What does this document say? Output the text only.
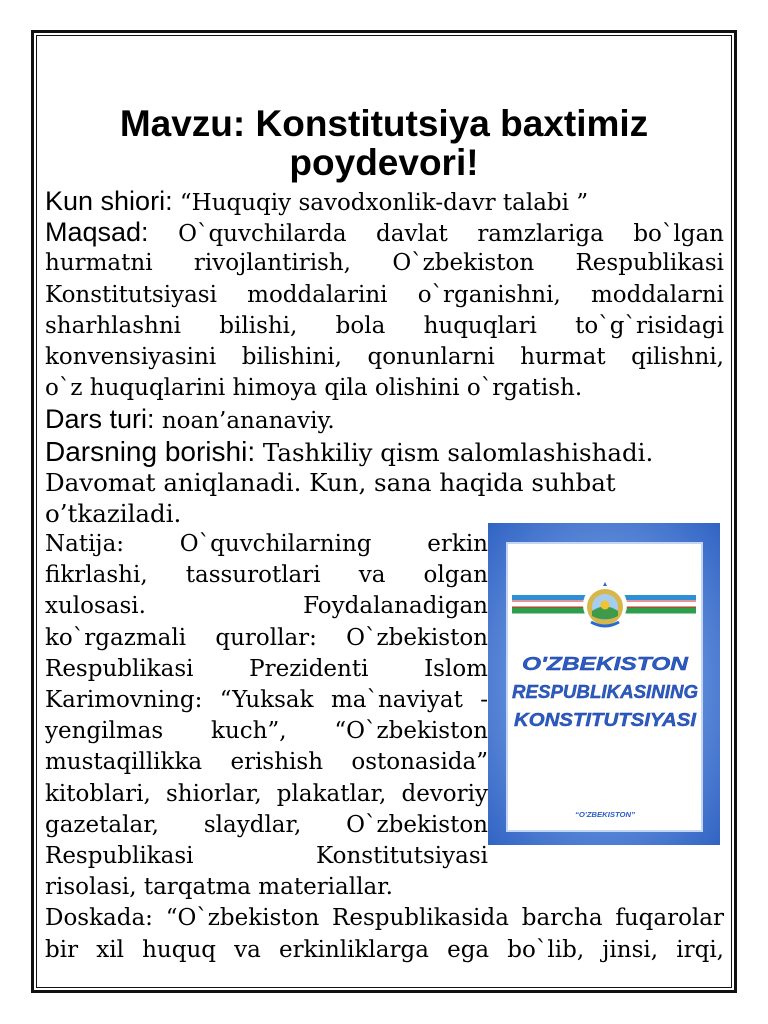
Mavzu: Konstitutsiya baxtimiz
poydevori!
Kun shiori: “Huquqiy savodxonlik-davr talabi ”
Maqsad: O`quvchilarda davlat ramzlariga bo`lgan
hurmatni rivojlantirish, O`zbekiston Respublikasi
Konstitutsiyasi moddalarini o`rganishni, moddalarni
sharhlashni bilishi, bola huquqlari to`g`risidagi
konvensiyasini bilishini, qonunlarni hurmat qilishni,
o`z huquqlarini himoya qila olishini o`rgatish.
Dars turi: noan’ananaviy.
Darsning borishi: Tashkiliy qism salomlashishadi.
Davomat aniqlanadi. Kun, sana haqida suhbat
o’tkaziladi.
Natija: O`quvchilarning erkin
fikrlashi, tassurotlari va olgan
xulosasi. Foydalanadigan
ko`rgazmali qurollar: O`zbekiston
Respublikasi Prezidenti Islom
Karimovning: “Yuksak ma`naviyat -
yengilmas kuch”, “O`zbekiston
mustaqillikka erishish ostonasida”
kitoblari, shiorlar, plakatlar, devoriy
gazetalar, slaydlar, O`zbekiston
Respublikasi Konstitutsiyasi
risolasi, tarqatma materiallar.
Doskada: “O`zbekiston Respublikasida barcha fuqarolar
bir xil huquq va erkinliklarga ega bo`lib, jinsi, irqi,
O'ZBEKISTON
RESPUBLIKASINING
KONSTITUTSIYASI
“O'ZBEKISTON”
